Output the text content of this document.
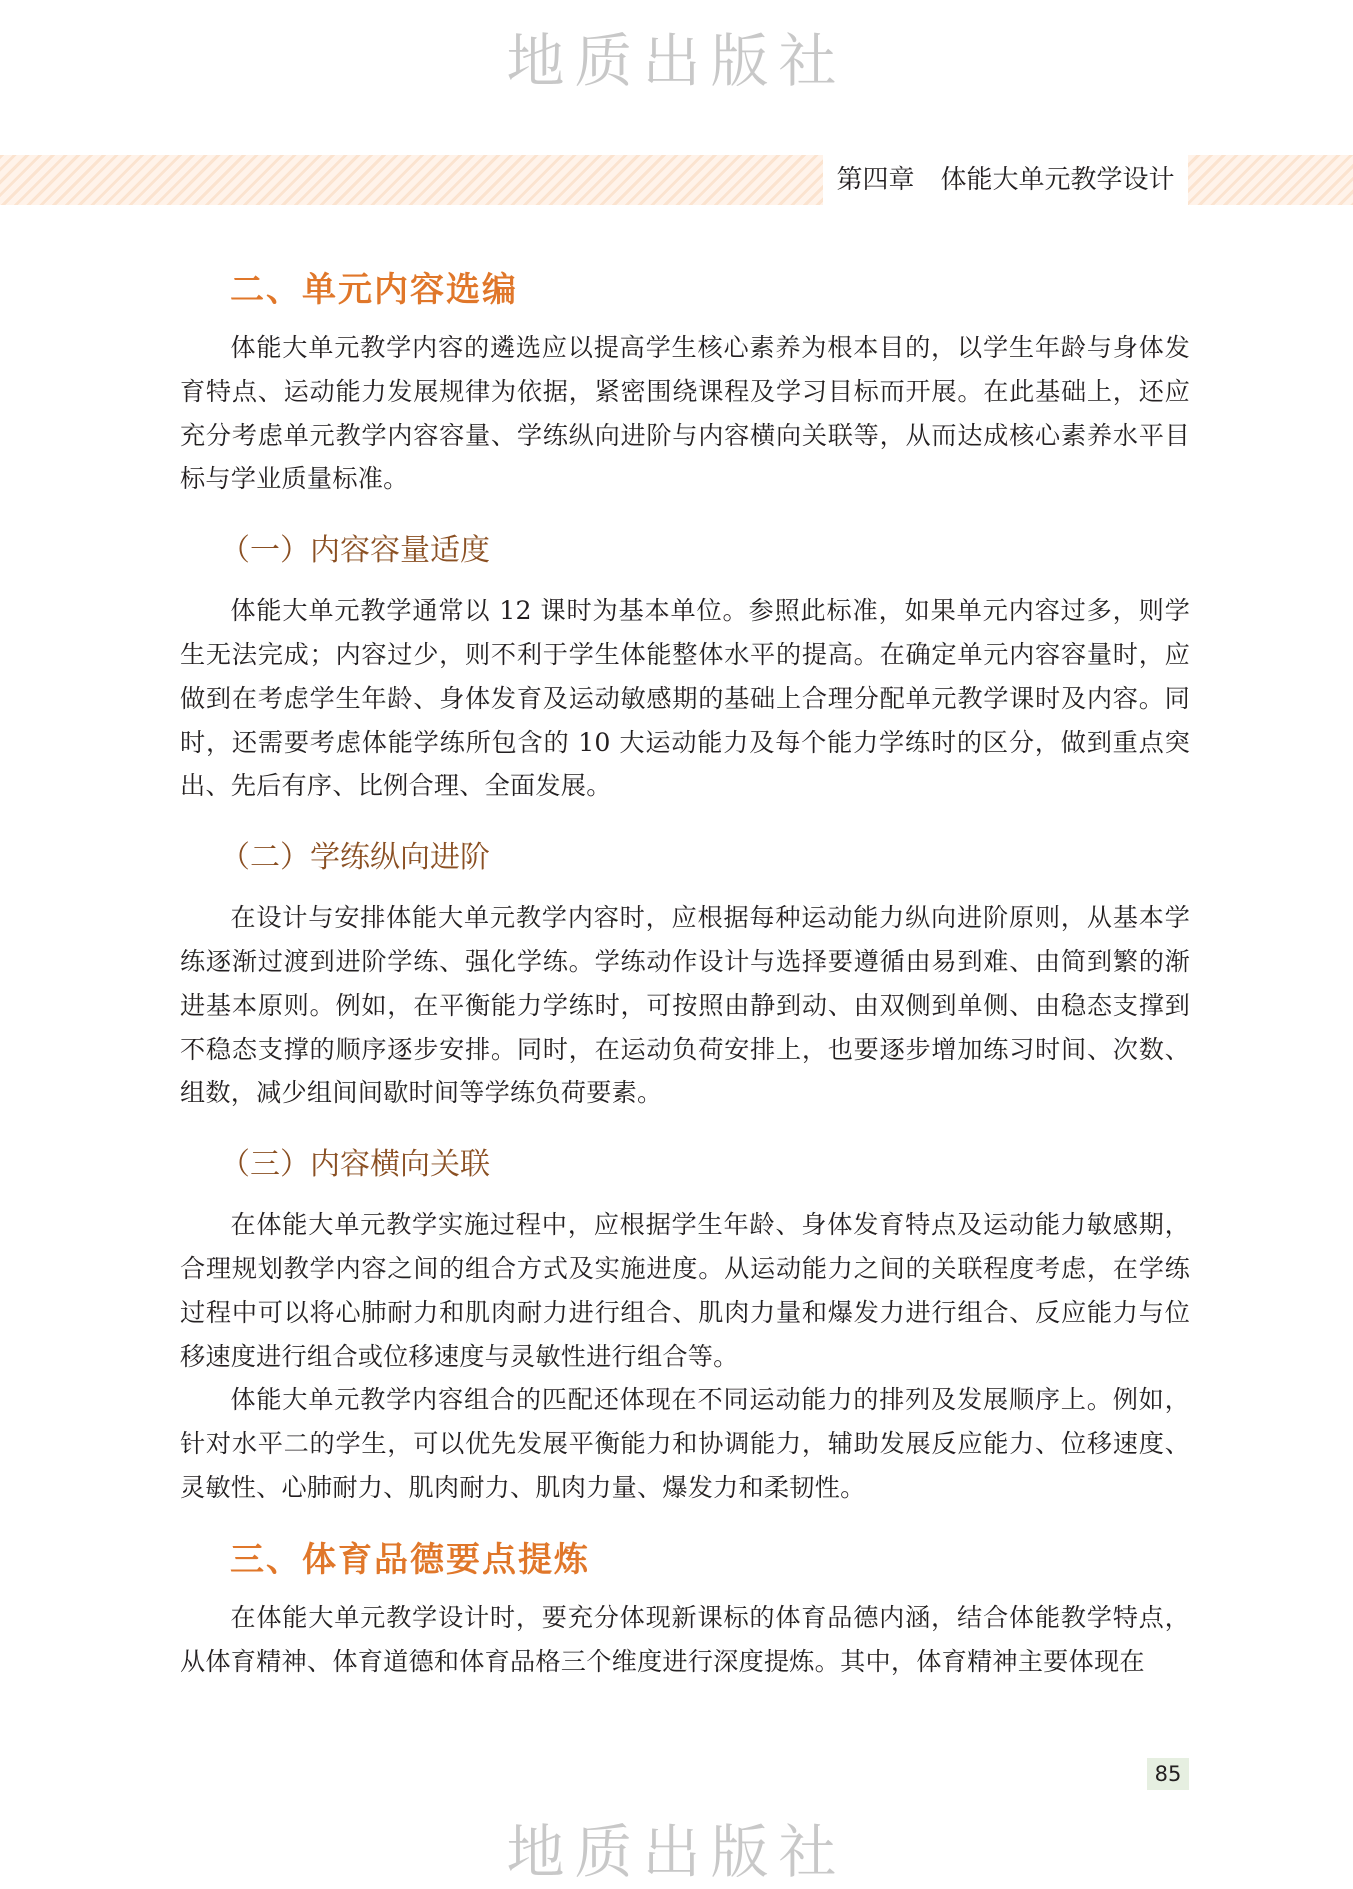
地质出版社
第四章　体能大单元教学设计
二、单元内容选编

体能大单元教学内容的遴选应以提高学生核心素养为根本目的，以学生年龄与身体发育特点、运动能力发展规律为依据，紧密围绕课程及学习目标而开展。在此基础上，还应充分考虑单元教学内容容量、学练纵向进阶与内容横向关联等，从而达成核心素养水平目标与学业质量标准。

（一）内容容量适度

体能大单元教学通常以 12 课时为基本单位。参照此标准，如果单元内容过多，则学生无法完成；内容过少，则不利于学生体能整体水平的提高。在确定单元内容容量时，应做到在考虑学生年龄、身体发育及运动敏感期的基础上合理分配单元教学课时及内容。同时，还需要考虑体能学练所包含的 10 大运动能力及每个能力学练时的区分，做到重点突出、先后有序、比例合理、全面发展。

（二）学练纵向进阶

在设计与安排体能大单元教学内容时，应根据每种运动能力纵向进阶原则，从基本学练逐渐过渡到进阶学练、强化学练。学练动作设计与选择要遵循由易到难、由简到繁的渐进基本原则。例如，在平衡能力学练时，可按照由静到动、由双侧到单侧、由稳态支撑到不稳态支撑的顺序逐步安排。同时，在运动负荷安排上，也要逐步增加练习时间、次数、组数，减少组间间歇时间等学练负荷要素。

（三）内容横向关联

在体能大单元教学实施过程中，应根据学生年龄、身体发育特点及运动能力敏感期，合理规划教学内容之间的组合方式及实施进度。从运动能力之间的关联程度考虑，在学练过程中可以将心肺耐力和肌肉耐力进行组合、肌肉力量和爆发力进行组合、反应能力与位移速度进行组合或位移速度与灵敏性进行组合等。

体能大单元教学内容组合的匹配还体现在不同运动能力的排列及发展顺序上。例如，针对水平二的学生，可以优先发展平衡能力和协调能力，辅助发展反应能力、位移速度、灵敏性、心肺耐力、肌肉耐力、肌肉力量、爆发力和柔韧性。

三、体育品德要点提炼

在体能大单元教学设计时，要充分体现新课标的体育品德内涵，结合体能教学特点，从体育精神、体育道德和体育品格三个维度进行深度提炼。其中，体育精神主要体现在

85
地质出版社
